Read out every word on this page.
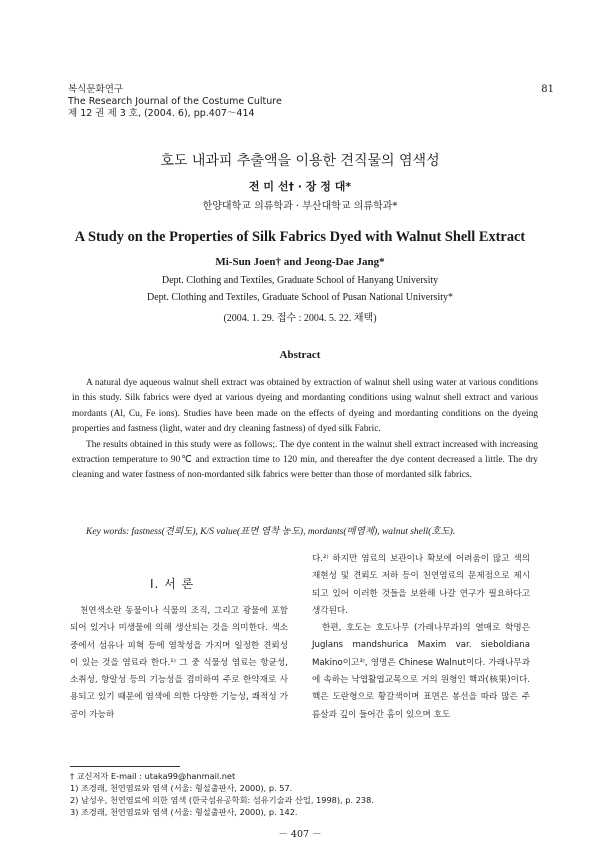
복식문화연구
The Research Journal of the Costume Culture
제 12 권 제 3 호, (2004. 6), pp.407～414
81
호도 내과피 추출액을 이용한 견직물의 염색성
전 미 선† · 장 정 대*
한양대학교 의류학과 · 부산대학교 의류학과*
A Study on the Properties of Silk Fabrics Dyed with Walnut Shell Extract
Mi-Sun Joen† and Jeong-Dae Jang*
Dept. Clothing and Textiles, Graduate School of Hanyang University
Dept. Clothing and Textiles, Graduate School of Pusan National University*
(2004. 1. 29. 접수 : 2004. 5. 22. 채택)
Abstract

A natural dye aqueous walnut shell extract was obtained by extraction of walnut shell using water at various conditions in this study. Silk fabrics were dyed at various dyeing and mordanting conditions using walnut shell extract and various mordants (Al, Cu, Fe ions). Studies have been made on the effects of dyeing and mordanting conditions on the dyeing properties and fastness (light, water and dry cleaning fastness) of dyed silk Fabric.

The results obtained in this study were as follows;. The dye content in the walnut shell extract increased with increasing extraction temperature to 90℃ and extraction time to 120 min, and thereafter the dye content decreased a little. The dry cleaning and water fastness of non-mordanted silk fabrics were better than those of mordanted silk fabrics.

Key words: fastness(견뢰도), K/S value(표면 염착 농도), mordants(매염제), walnut shell(호도).
Ⅰ. 서 론

천연색소란 동물이나 식물의 조직, 그리고 광물에 포함되어 있거나 미생물에 의해 생산되는 것을 의미한다. 색소 중에서 섬유나 피혁 등에 염착성을 가지며 일정한 견뢰성이 있는 것을 염료라 한다.¹⁾ 그 중 식물성 염료는 항균성, 소취성, 항알성 등의 기능성을 겸비하여 주로 한약재로 사용되고 있기 때문에 염색에 의한 다양한 기능성, 쾌적성 가공이 가능하

다.²⁾ 하지만 염료의 보관이나 확보에 어려움이 많고 색의 재현성 및 견뢰도 저하 등이 천연염료의 문제점으로 제시되고 있어 이러한 것들을 보완해 나갈 연구가 필요하다고 생각된다.

한편, 호도는 호도나무 (가래나무과)의 열매로 학명은 Juglans mandshurica Maxim var. sieboldiana Makino이고³⁾, 영명은 Chinese Walnut이다. 가래나무과에 속하는 낙엽활엽교목으로 거의 원형인 핵과(核果)이다. 핵은 도란형으로 황갈색이며 표면은 봉선을 따라 많은 주름살과 깊이 들어간 홈이 있으며 호도

† 교신저자 E-mail : utaka99@hanmail.net
1) 조경래, 천연염료와 염색 (서울: 형설출판사, 2000), p. 57.
2) 남성우, 천연염료에 의한 염색 (한국섬유공학회: 섬유기술과 산업, 1998), p. 238.
－ 407 －
3) 조경래, 천연염료와 염색 (서울: 형설출판사, 2000), p. 142.
